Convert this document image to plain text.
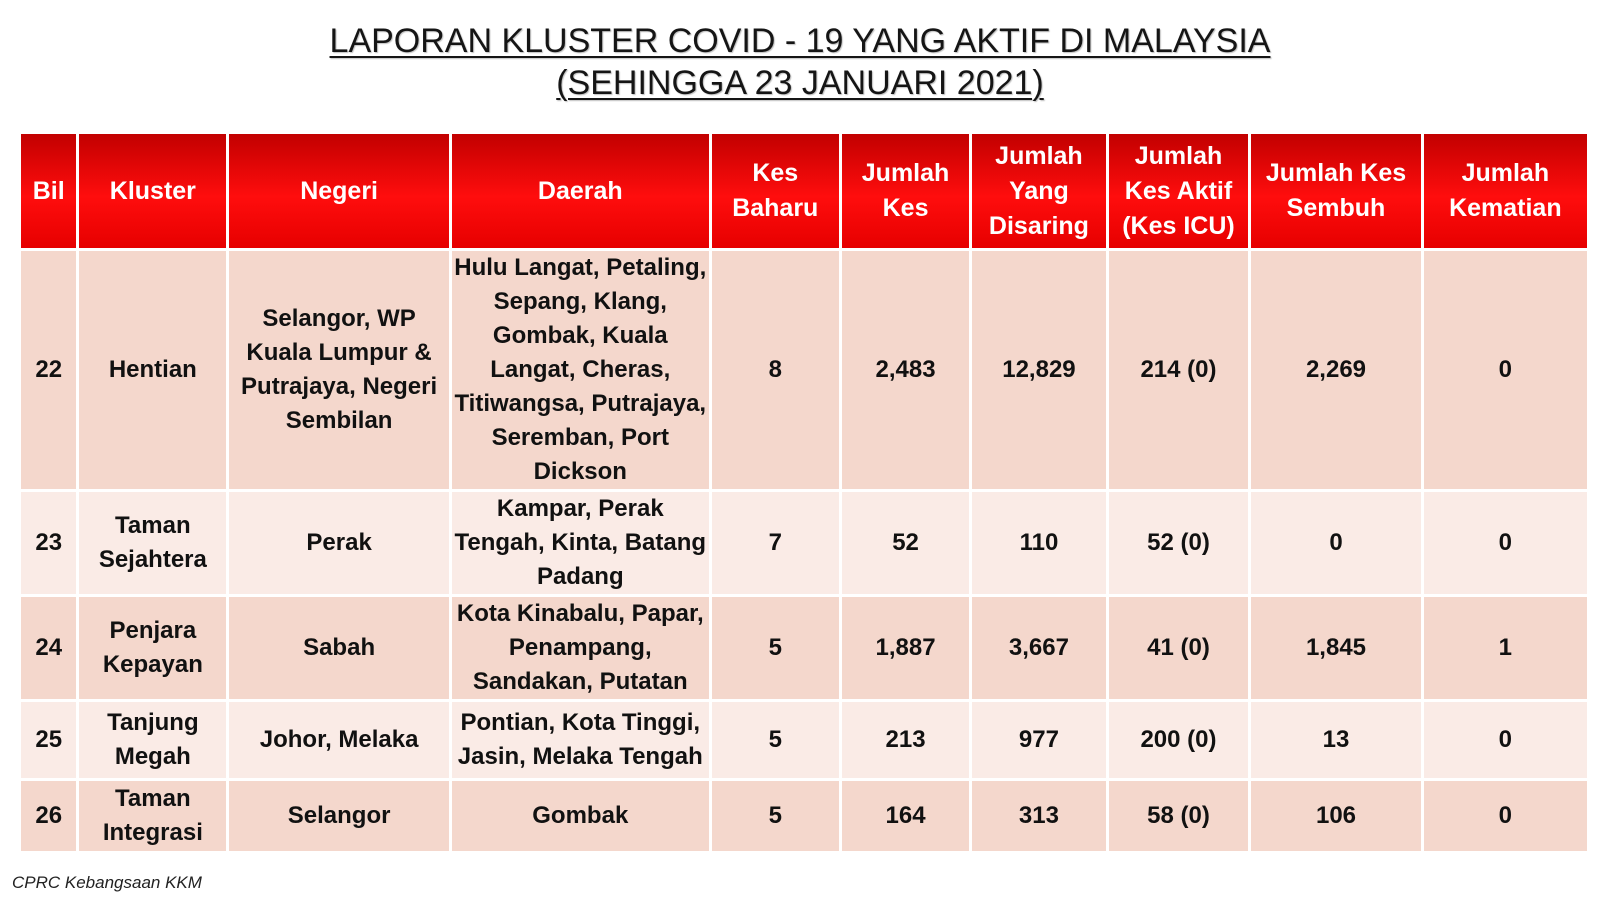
LAPORAN KLUSTER COVID - 19 YANG AKTIF DI MALAYSIA
(SEHINGGA 23 JANUARI 2021)
Bil	Kluster	Negeri	Daerah	Kes Baharu	Jumlah Kes	Jumlah Yang Disaring	Jumlah Kes Aktif (Kes ICU)	Jumlah Kes Sembuh	Jumlah Kematian
22	Hentian	Selangor, WP Kuala Lumpur & Putrajaya, Negeri Sembilan	Hulu Langat, Petaling, Sepang, Klang, Gombak, Kuala Langat, Cheras, Titiwangsa, Putrajaya, Seremban, Port Dickson	8	2,483	12,829	214 (0)	2,269	0
23	Taman Sejahtera	Perak	Kampar, Perak Tengah, Kinta, Batang Padang	7	52	110	52 (0)	0	0
24	Penjara Kepayan	Sabah	Kota Kinabalu, Papar, Penampang, Sandakan, Putatan	5	1,887	3,667	41 (0)	1,845	1
25	Tanjung Megah	Johor, Melaka	Pontian, Kota Tinggi, Jasin, Melaka Tengah	5	213	977	200 (0)	13	0
26	Taman Integrasi	Selangor	Gombak	5	164	313	58 (0)	106	0
CPRC Kebangsaan KKM
